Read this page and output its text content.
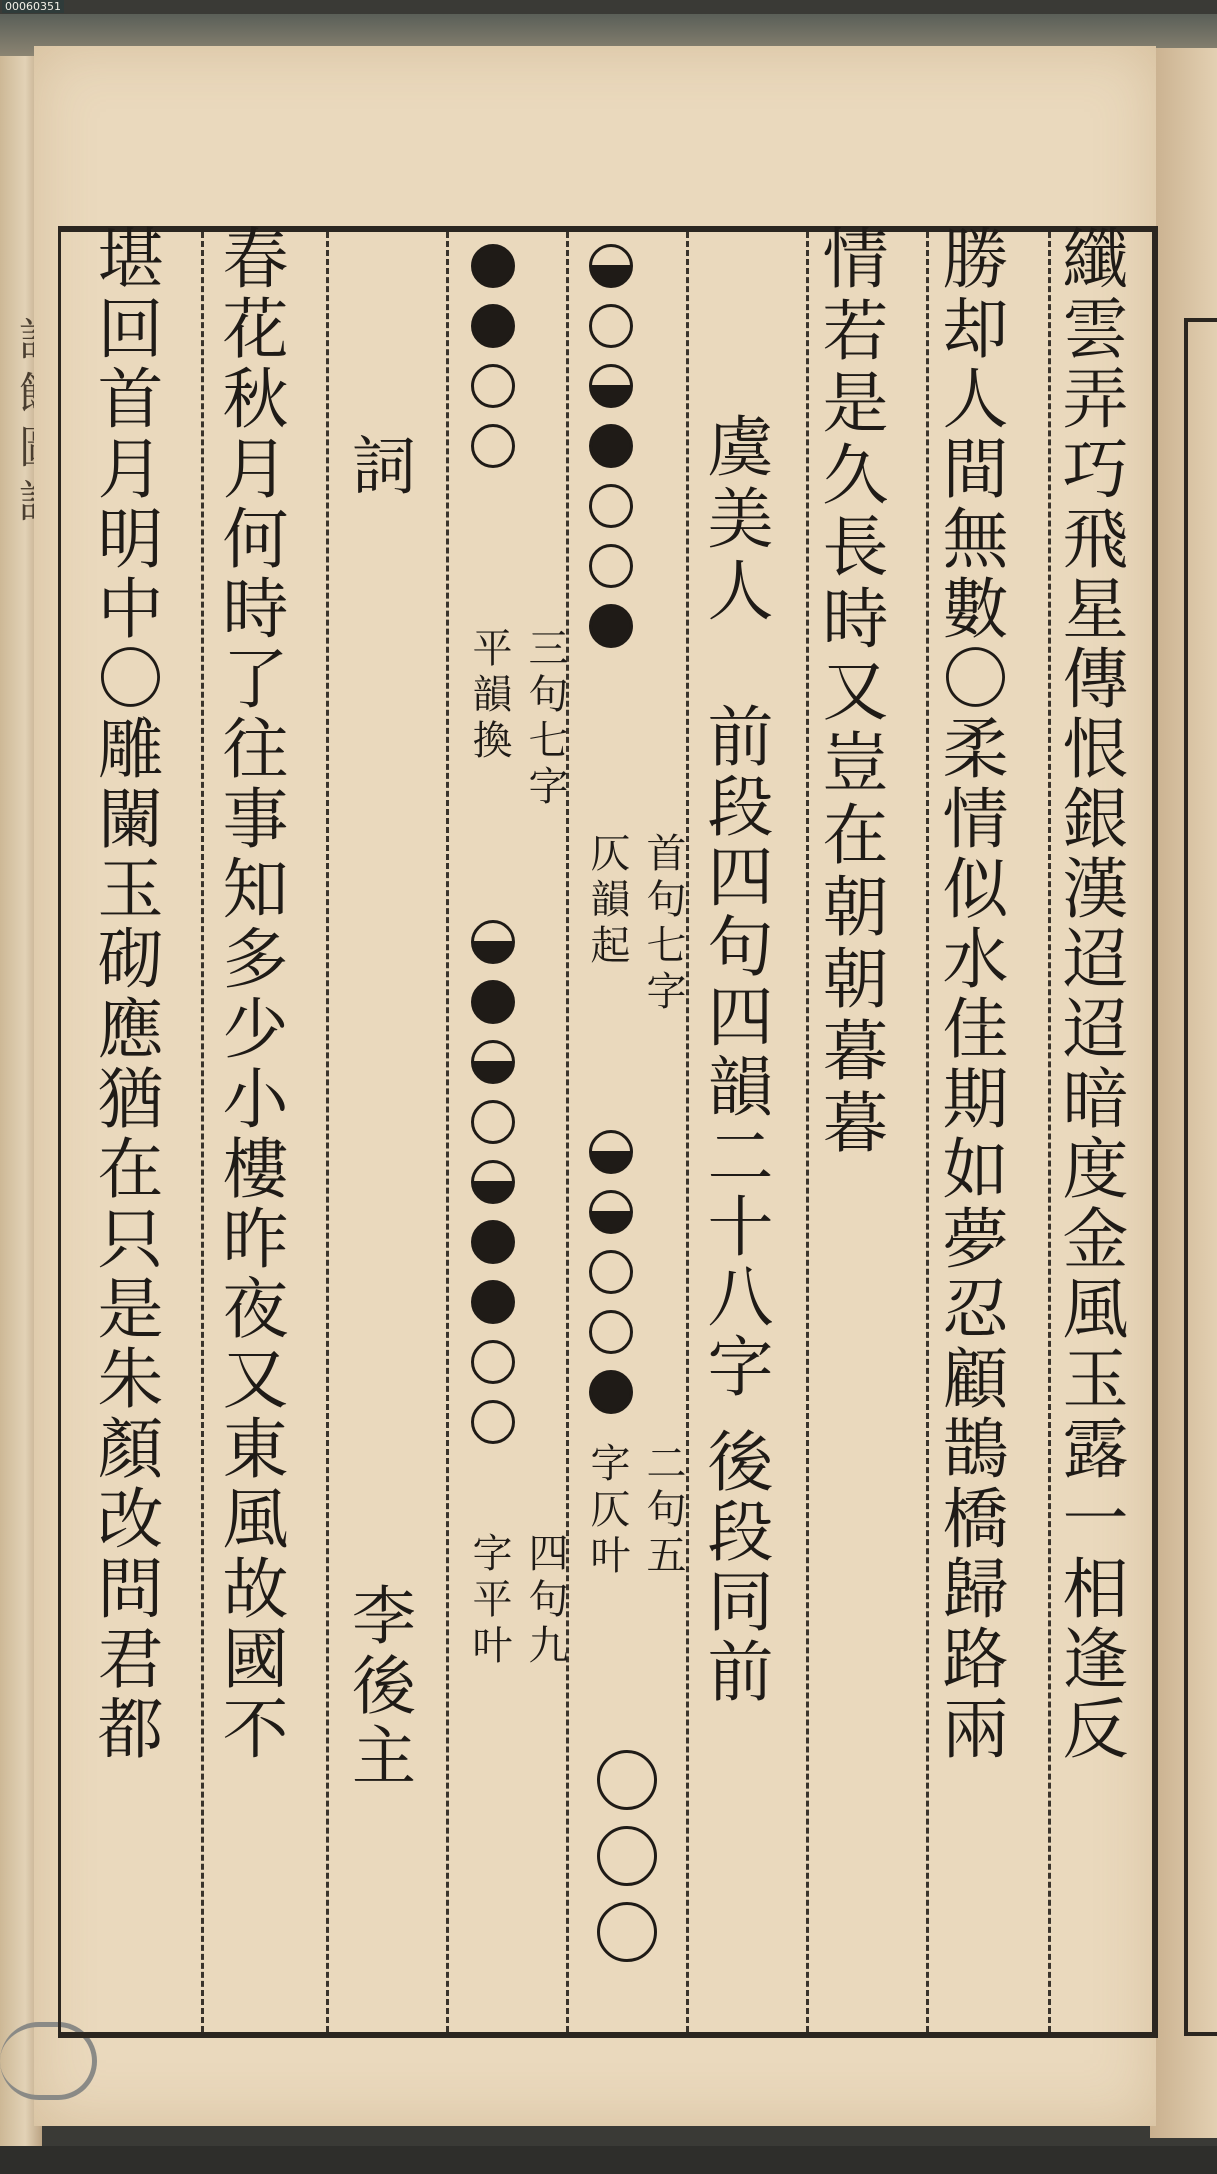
00060351
纖雲弄巧飛星傳恨銀漢迢迢暗度金風玉露一相逢反
勝却人間無數〇柔情似水佳期如夢忍顧鵲橋歸路兩
情若是久長時又豈在朝朝暮暮
虞美人
前段四句四韻二十八字 後段同前
首句七字
仄韻起
二句五
字仄叶
三句七字
平韻換
四句九
字平叶
詞
李後主
春花秋月何時了往事知多少小樓昨夜又東風故國不
堪回首月明中〇雕闌玉砌應猶在只是朱顏改問君都
